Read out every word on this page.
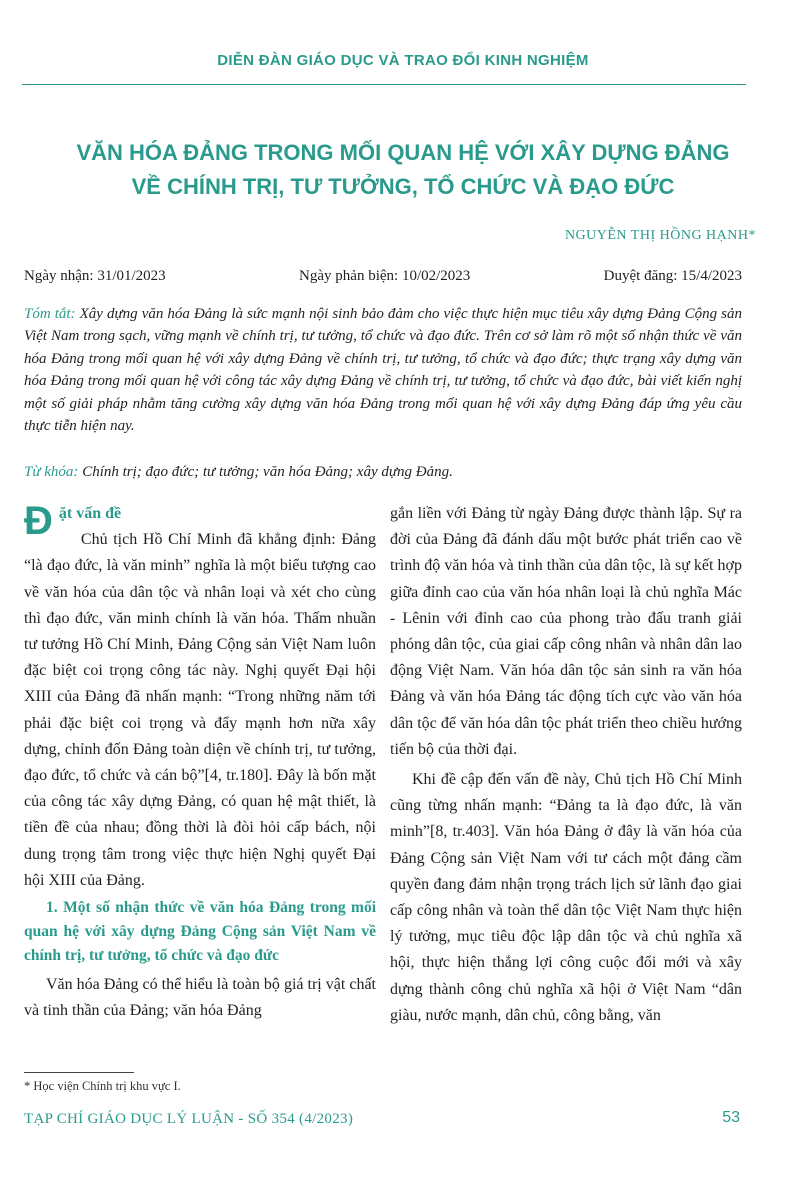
DIỄN ĐÀN GIÁO DỤC VÀ TRAO ĐỔI KINH NGHIỆM
VĂN HÓA ĐẢNG TRONG MỐI QUAN HỆ VỚI XÂY DỰNG ĐẢNG
VỀ CHÍNH TRỊ, TƯ TƯỞNG, TỔ CHỨC VÀ ĐẠO ĐỨC
NGUYỄN THỊ HỒNG HẠNH*
Ngày nhận: 31/01/2023	Ngày phản biện: 10/02/2023	Duyệt đăng: 15/4/2023
Tóm tắt: Xây dựng văn hóa Đảng là sức mạnh nội sinh bảo đảm cho việc thực hiện mục tiêu xây dựng Đảng Cộng sản Việt Nam trong sạch, vững mạnh về chính trị, tư tưởng, tổ chức và đạo đức. Trên cơ sở làm rõ một số nhận thức về văn hóa Đảng trong mối quan hệ với xây dựng Đảng về chính trị, tư tưởng, tổ chức và đạo đức; thực trạng xây dựng văn hóa Đảng trong mối quan hệ với công tác xây dựng Đảng về chính trị, tư tưởng, tổ chức và đạo đức, bài viết kiến nghị một số giải pháp nhằm tăng cường xây dựng văn hóa Đảng trong mối quan hệ với xây dựng Đảng đáp ứng yêu cầu thực tiễn hiện nay.
Từ khóa: Chính trị; đạo đức; tư tưởng; văn hóa Đảng; xây dựng Đảng.
Đ ặt vấn đề

Chủ tịch Hồ Chí Minh đã khẳng định: Đảng “là đạo đức, là văn minh” nghĩa là một biểu tượng cao về văn hóa của dân tộc và nhân loại và xét cho cùng thì đạo đức, văn minh chính là văn hóa. Thấm nhuần tư tưởng Hồ Chí Minh, Đảng Cộng sản Việt Nam luôn đặc biệt coi trọng công tác này. Nghị quyết Đại hội XIII của Đảng đã nhấn mạnh: “Trong những năm tới phải đặc biệt coi trọng và đẩy mạnh hơn nữa xây dựng, chỉnh đốn Đảng toàn diện về chính trị, tư tưởng, đạo đức, tổ chức và cán bộ”[4, tr.180]. Đây là bốn mặt của công tác xây dựng Đảng, có quan hệ mật thiết, là tiền đề của nhau; đồng thời là đòi hỏi cấp bách, nội dung trọng tâm trong việc thực hiện Nghị quyết Đại hội XIII của Đảng.

1. Một số nhận thức về văn hóa Đảng trong mối quan hệ với xây dựng Đảng Cộng sản Việt Nam về chính trị, tư tưởng, tổ chức và đạo đức

Văn hóa Đảng có thể hiểu là toàn bộ giá trị vật chất và tinh thần của Đảng; văn hóa Đảng

gắn liền với Đảng từ ngày Đảng được thành lập. Sự ra đời của Đảng đã đánh dấu một bước phát triển cao về trình độ văn hóa và tinh thần của dân tộc, là sự kết hợp giữa đỉnh cao của văn hóa nhân loại là chủ nghĩa Mác - Lênin với đỉnh cao của phong trào đấu tranh giải phóng dân tộc, của giai cấp công nhân và nhân dân lao động Việt Nam. Văn hóa dân tộc sản sinh ra văn hóa Đảng và văn hóa Đảng tác động tích cực vào văn hóa dân tộc để văn hóa dân tộc phát triển theo chiều hướng tiến bộ của thời đại.

Khi đề cập đến vấn đề này, Chủ tịch Hồ Chí Minh cũng từng nhấn mạnh: “Đảng ta là đạo đức, là văn minh”[8, tr.403]. Văn hóa Đảng ở đây là văn hóa của Đảng Cộng sản Việt Nam với tư cách một đảng cầm quyền đang đảm nhận trọng trách lịch sử lãnh đạo giai cấp công nhân và toàn thể dân tộc Việt Nam thực hiện lý tưởng, mục tiêu độc lập dân tộc và chủ nghĩa xã hội, thực hiện thắng lợi công cuộc đổi mới và xây dựng thành công chủ nghĩa xã hội ở Việt Nam “dân giàu, nước mạnh, dân chủ, công bằng, văn

* Học viện Chính trị khu vực I.
TẠP CHÍ GIÁO DỤC LÝ LUẬN - SỐ 354 (4/2023)	53
